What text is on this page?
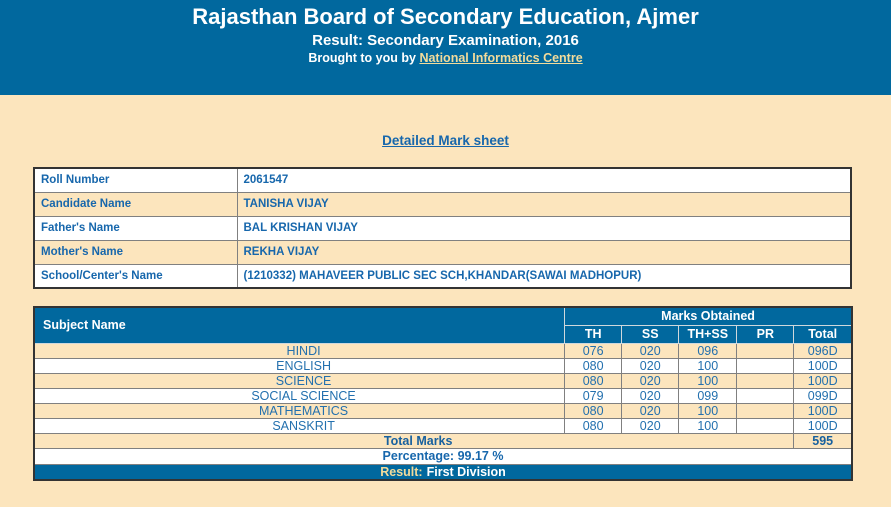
Rajasthan Board of Secondary Education, Ajmer
Result: Secondary Examination, 2016
Brought to you by National Informatics Centre
Detailed Mark sheet
Roll Number	2061547
Candidate Name	TANISHA VIJAY
Father's Name	BAL KRISHAN VIJAY
Mother's Name	REKHA VIJAY
School/Center's Name	(1210332) MAHAVEER PUBLIC SEC SCH,KHANDAR(SAWAI MADHOPUR)
Subject Name	Marks Obtained				
	TH	SS	TH+SS	PR	Total
HINDI	076	020	096		096D
ENGLISH	080	020	100		100D
SCIENCE	080	020	100		100D
SOCIAL SCIENCE	079	020	099		099D
MATHEMATICS	080	020	100		100D
SANSKRIT	080	020	100		100D
Total Marks					595
Percentage: 99.17 %					
Result: First Division					
